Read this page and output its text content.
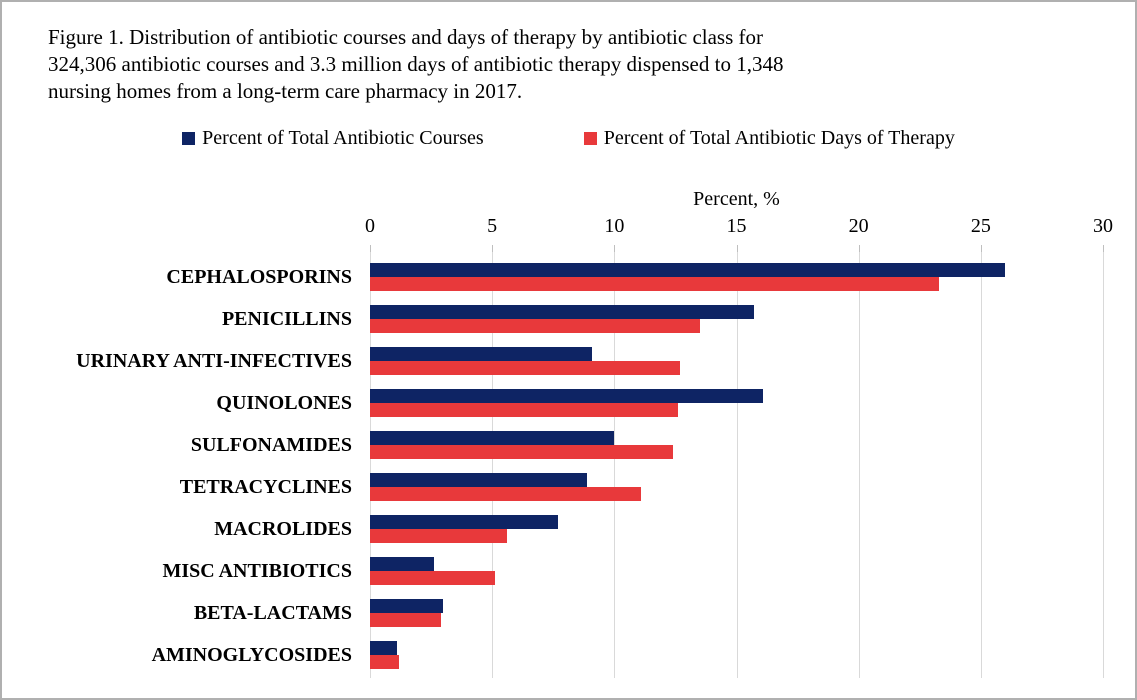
Figure 1. Distribution of antibiotic courses and days of therapy by antibiotic class for
324,306 antibiotic courses and 3.3 million days of antibiotic therapy dispensed to 1,348
nursing homes from a long-term care pharmacy in 2017.
Percent of Total Antibiotic Courses	Percent of Total Antibiotic Days of Therapy
Percent, %
0	5	10	15	20	25	30
CEPHALOSPORINS
PENICILLINS
URINARY ANTI-INFECTIVES
QUINOLONES
SULFONAMIDES
TETRACYCLINES
MACROLIDES
MISC ANTIBIOTICS
BETA-LACTAMS
AMINOGLYCOSIDES
